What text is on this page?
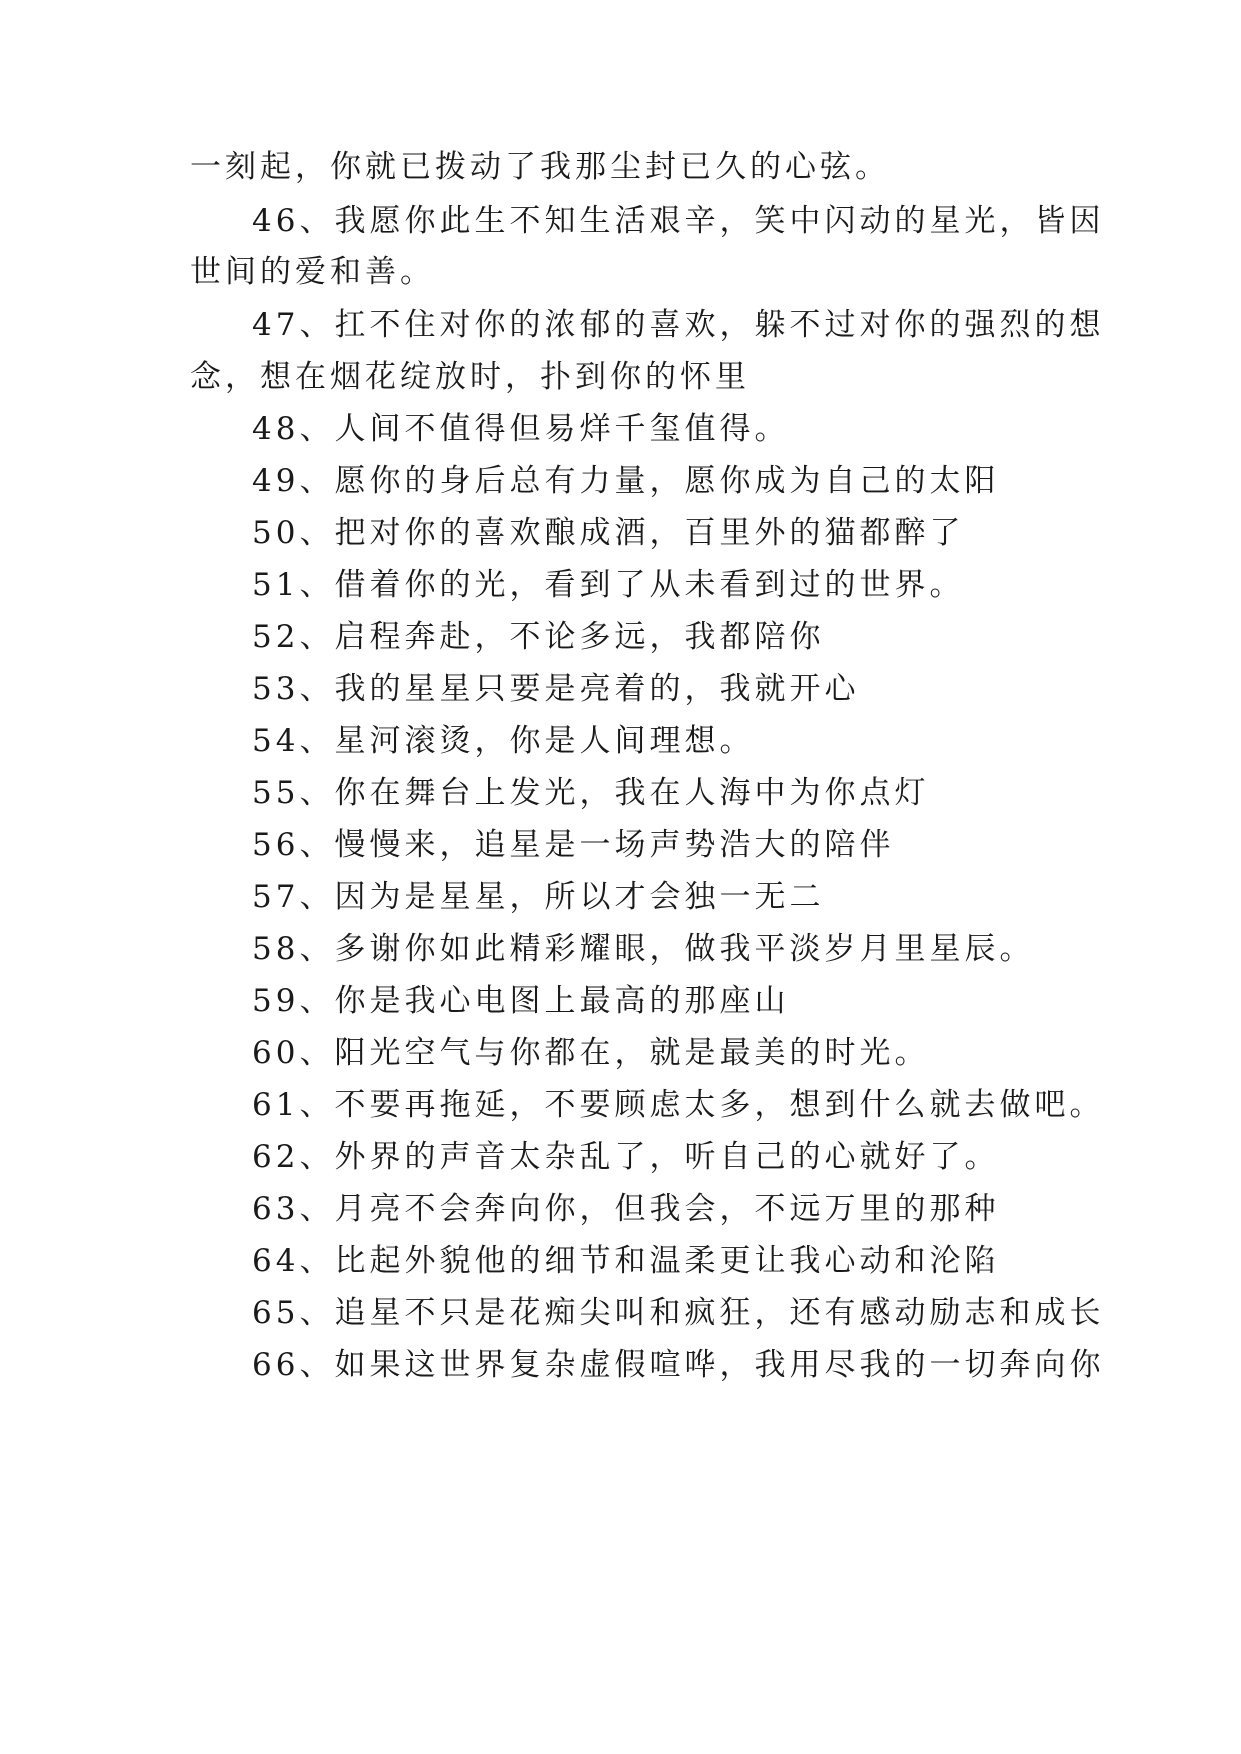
一刻起，你就已拨动了我那尘封已久的心弦。
46、我愿你此生不知生活艰辛，笑中闪动的星光，皆因
世间的爱和善。
47、扛不住对你的浓郁的喜欢，躲不过对你的强烈的想
念，想在烟花绽放时，扑到你的怀里
48、人间不值得但易烊千玺值得。
49、愿你的身后总有力量，愿你成为自己的太阳
50、把对你的喜欢酿成酒，百里外的猫都醉了
51、借着你的光，看到了从未看到过的世界。
52、启程奔赴，不论多远，我都陪你
53、我的星星只要是亮着的，我就开心
54、星河滚烫，你是人间理想。
55、你在舞台上发光，我在人海中为你点灯
56、慢慢来，追星是一场声势浩大的陪伴
57、因为是星星，所以才会独一无二
58、多谢你如此精彩耀眼，做我平淡岁月里星辰。
59、你是我心电图上最高的那座山
60、阳光空气与你都在，就是最美的时光。
61、不要再拖延，不要顾虑太多，想到什么就去做吧。
62、外界的声音太杂乱了，听自己的心就好了。
63、月亮不会奔向你，但我会，不远万里的那种
64、比起外貌他的细节和温柔更让我心动和沦陷
65、追星不只是花痴尖叫和疯狂，还有感动励志和成长
66、如果这世界复杂虚假喧哗，我用尽我的一切奔向你
